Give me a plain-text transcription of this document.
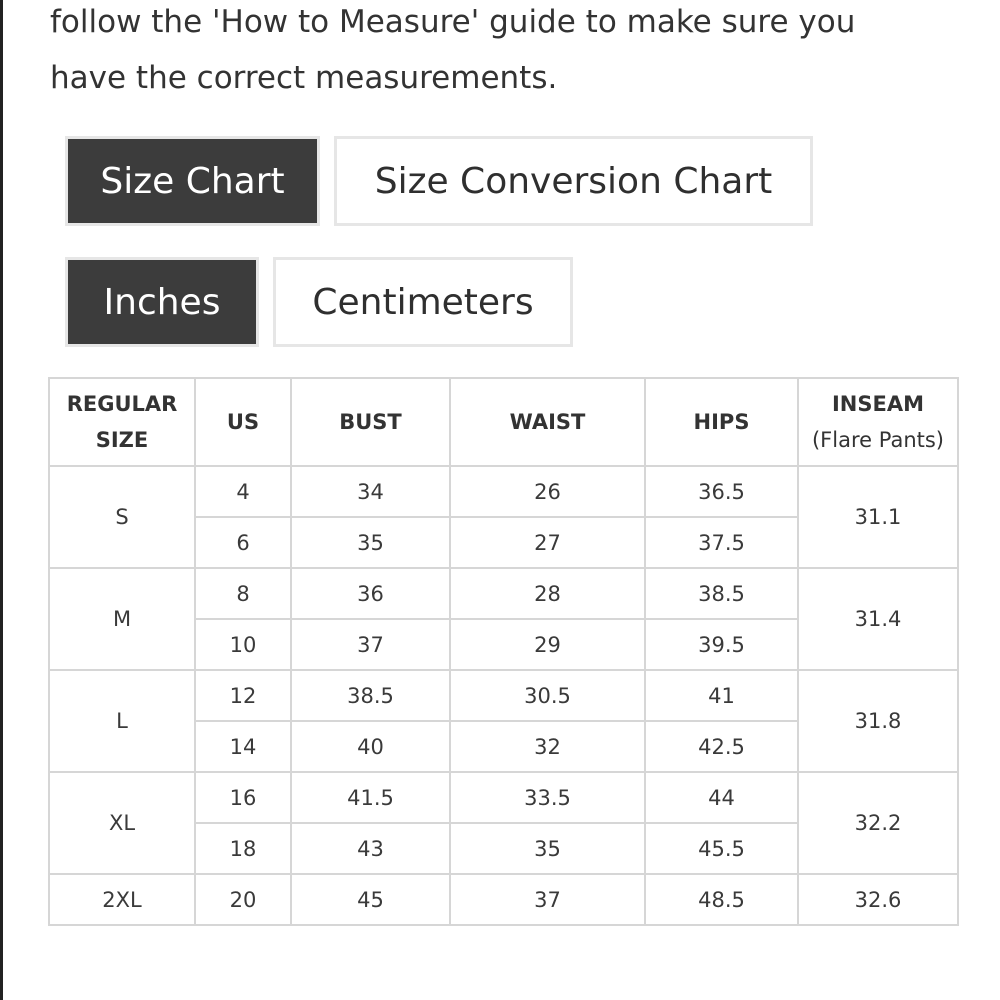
follow the 'How to Measure' guide to make sure you
have the correct measurements.

Size Chart	Size Conversion Chart
Inches	Centimeters
REGULAR
SIZE	US	BUST	WAIST	HIPS	INSEAM
(Flare Pants)

S	4	34	26	36.5	31.1
	6	35	27	37.5	
M	8	36	28	38.5	31.4
	10	37	29	39.5	
L	12	38.5	30.5	41	31.8
	14	40	32	42.5	
XL	16	41.5	33.5	44	32.2
	18	43	35	45.5	
2XL	20	45	37	48.5	32.6
